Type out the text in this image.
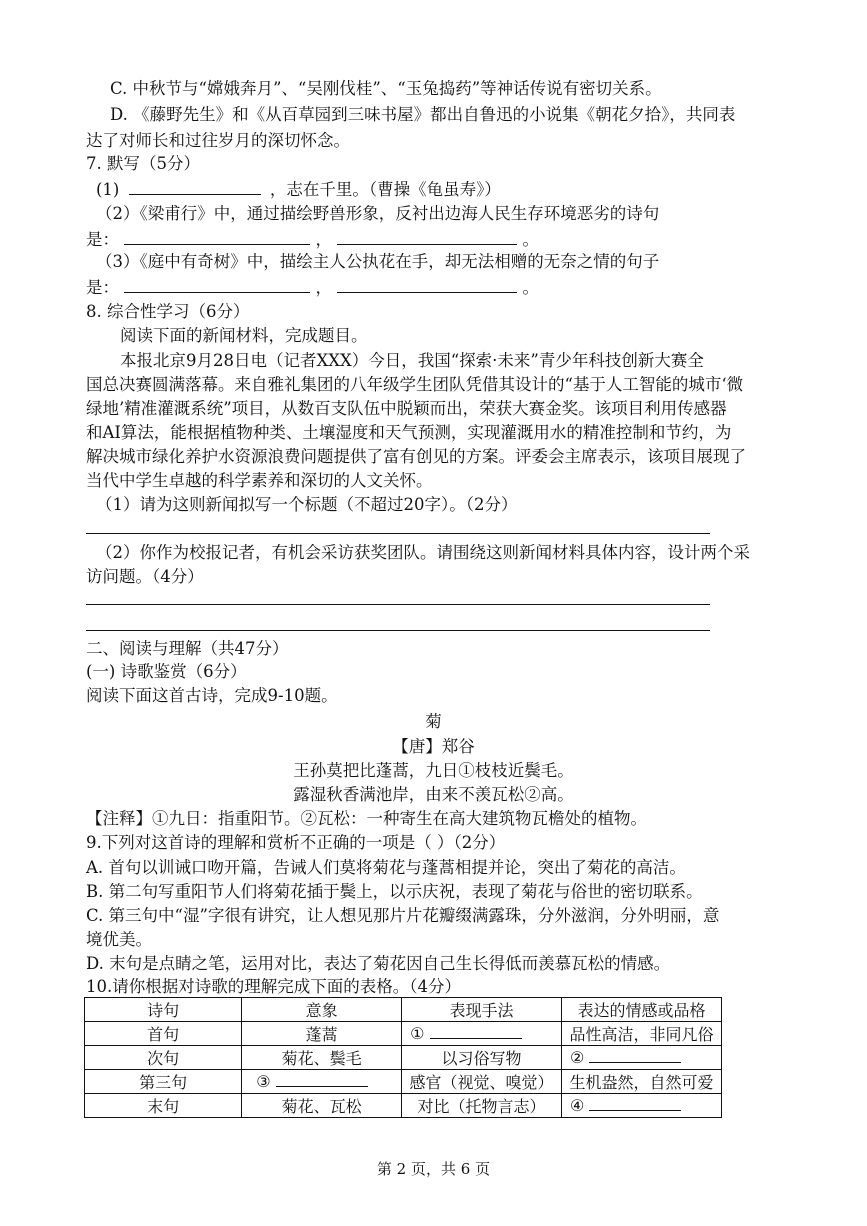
C. 中秋节与“嫦娥奔月”、“吴刚伐桂”、“玉兔捣药”等神话传说有密切关系。
D. 《藤野先生》和《从百草园到三味书屋》都出自鲁迅的小说集《朝花夕拾》，共同表
达了对师长和过往岁月的深切怀念。
7. 默写（5分）
(1)	，志在千里。（曹操《龟虽寿》）
（2）《梁甫行》中，通过描绘野兽形象，反衬出边海人民生存环境恶劣的诗句
是：	，	。
（3）《庭中有奇树》中，描绘主人公执花在手，却无法相赠的无奈之情的句子
是：	，	。
8. 综合性学习（6分）
阅读下面的新闻材料，完成题目。
本报北京9月28日电（记者XXX）今日，我国“探索·未来”青少年科技创新大赛全
国总决赛圆满落幕。来自雅礼集团的八年级学生团队凭借其设计的“基于人工智能的城市‘微
绿地’精准灌溉系统”项目，从数百支队伍中脱颖而出，荣获大赛金奖。该项目利用传感器
和AI算法，能根据植物种类、土壤湿度和天气预测，实现灌溉用水的精准控制和节约，为
解决城市绿化养护水资源浪费问题提供了富有创见的方案。评委会主席表示，该项目展现了
当代中学生卓越的科学素养和深切的人文关怀。
（1）请为这则新闻拟写一个标题（不超过20字）。（2分）
（2）你作为校报记者，有机会采访获奖团队。请围绕这则新闻材料具体内容，设计两个采
访问题。（4分）
二、阅读与理解（共47分）
(一) 诗歌鉴赏（6分）
阅读下面这首古诗，完成9-10题。
菊
【唐】郑谷
王孙莫把比蓬蒿，九日①枝枝近鬓毛。
露湿秋香满池岸，由来不羡瓦松②高。
【注释】①九日：指重阳节。②瓦松：一种寄生在高大建筑物瓦檐处的植物。
9.下列对这首诗的理解和赏析不正确的一项是（ ）（2分）
A. 首句以训诫口吻开篇，告诫人们莫将菊花与蓬蒿相提并论，突出了菊花的高洁。
B. 第二句写重阳节人们将菊花插于鬓上，以示庆祝，表现了菊花与俗世的密切联系。
C. 第三句中“湿”字很有讲究，让人想见那片片花瓣缀满露珠，分外滋润，分外明丽，意
境优美。
D. 末句是点睛之笔，运用对比，表达了菊花因自己生长得低而羡慕瓦松的情感。
10.请你根据对诗歌的理解完成下面的表格。（4分）
诗句	意象	表现手法	表达的情感或品格
首句	蓬蒿	①	品性高洁，非同凡俗
次句	菊花、鬓毛	以习俗写物	②
第三句	③	感官（视觉、嗅觉）	生机盎然，自然可爱
末句	菊花、瓦松	对比（托物言志）	④
第 2 页，共 6 页
